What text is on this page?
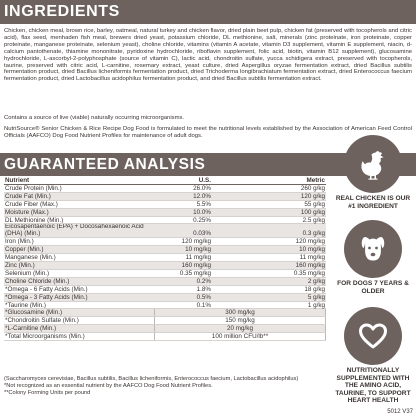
INGREDIENTS

Chicken, chicken meal, brown rice, barley, oatmeal, natural turkey and chicken flavor, dried plain beet pulp, chicken fat (preserved with tocopherols and citric acid), flax seed, menhaden fish meal, brewers dried yeast, potassium chloride, DL methionine, salt, minerals (zinc proteinate, iron proteinate, copper proteinate, manganese proteinate, selenium yeast), choline chloride, vitamins (vitamin A acetate, vitamin D3 supplement, vitamin E supplement, niacin, d-calcium pantothenate, thiamine mononitrate, pyridoxine hydrochloride, riboflavin supplement, folic acid, biotin, vitamin B12 supplement), glucosamine hydrochloride, L-ascorbyl-2-polyphosphate (source of vitamin C), lactic acid, chondroitin sulfate, yucca schidigera extract, preserved with tocopherols, taurine, preserved with citric acid, L-carnitine, rosemary extract, yeast culture, dried Aspergillus oryzae fermentation extract, dried Bacillus subtilis fermentation product, dried Bacillus licheniformis fermentation product, dried Trichoderma longibrachiatum fermentation extract, dried Enterococcus faecium fermentation product, dried Lactobacillus acidophilus fermentation product, and dried Bacillus subtilis fermentation extract.

Contains a source of live (viable) naturally occurring microorganisms.

NutriSource® Senior Chicken & Rice Recipe Dog Food is formulated to meet the nutritional levels established by the Association of American Feed Control Officials (AAFCO) Dog Food Nutrient Profiles for maintenance of adult dogs.

GUARANTEED ANALYSIS
Nutrient	U.S.	Metric
Crude Protein (Min.)	26.0%	260 g/kg
Crude Fat (Min.)	12.0%	120 g/kg
Crude Fiber (Max.)	5.5%	55 g/kg
Moisture (Max.)	10.0%	100 g/kg
DL Methionine (Min.)	0.25%	2.5 g/kg
Eicosapentaenoic (EPA) + Docosahexaenoic Acid (DHA) (Min.)	0.03%	0.3 g/kg
Iron (Min.)	120 mg/kg	120 mg/kg
Copper (Min.)	10 mg/kg	10 mg/kg
Manganese (Min.)	11 mg/kg	11 mg/kg
Zinc (Min.)	160 mg/kg	160 mg/kg
Selenium (Min.)	0.35 mg/kg	0.35 mg/kg
Choline Chloride (Min.)	0.2%	2 g/kg
*Omega - 6 Fatty Acids (Min.)	1.8%	18 g/kg
*Omega - 3 Fatty Acids (Min.)	0.5%	5 g/kg
*Taurine (Min.)	0.1%	1 g/kg
*Glucosamine (Min.)	300 mg/kg
*Chondroitin Sulfate (Min.)	150 mg/kg
*L-Carnitine (Min.)	20 mg/kg
*Total Microorganisms (Min.)	100 million CFU/lb**

(Saccharomyces cerevisiae, Bacillus subtilis, Bacillus licheniformis, Enterococcus faecium, Lactobacillus acidophilus)

*Not recognized as an essential nutrient by the AAFCO Dog Food Nutrient Profiles.

**Colony Forming Units per pound

REAL CHICKEN IS OUR #1 INGREDIENT
FOR DOGS 7 YEARS & OLDER
NUTRITIONALLY SUPPLEMENTED WITH THE AMINO ACID, TAURINE, TO SUPPORT HEART HEALTH
5012 V37
